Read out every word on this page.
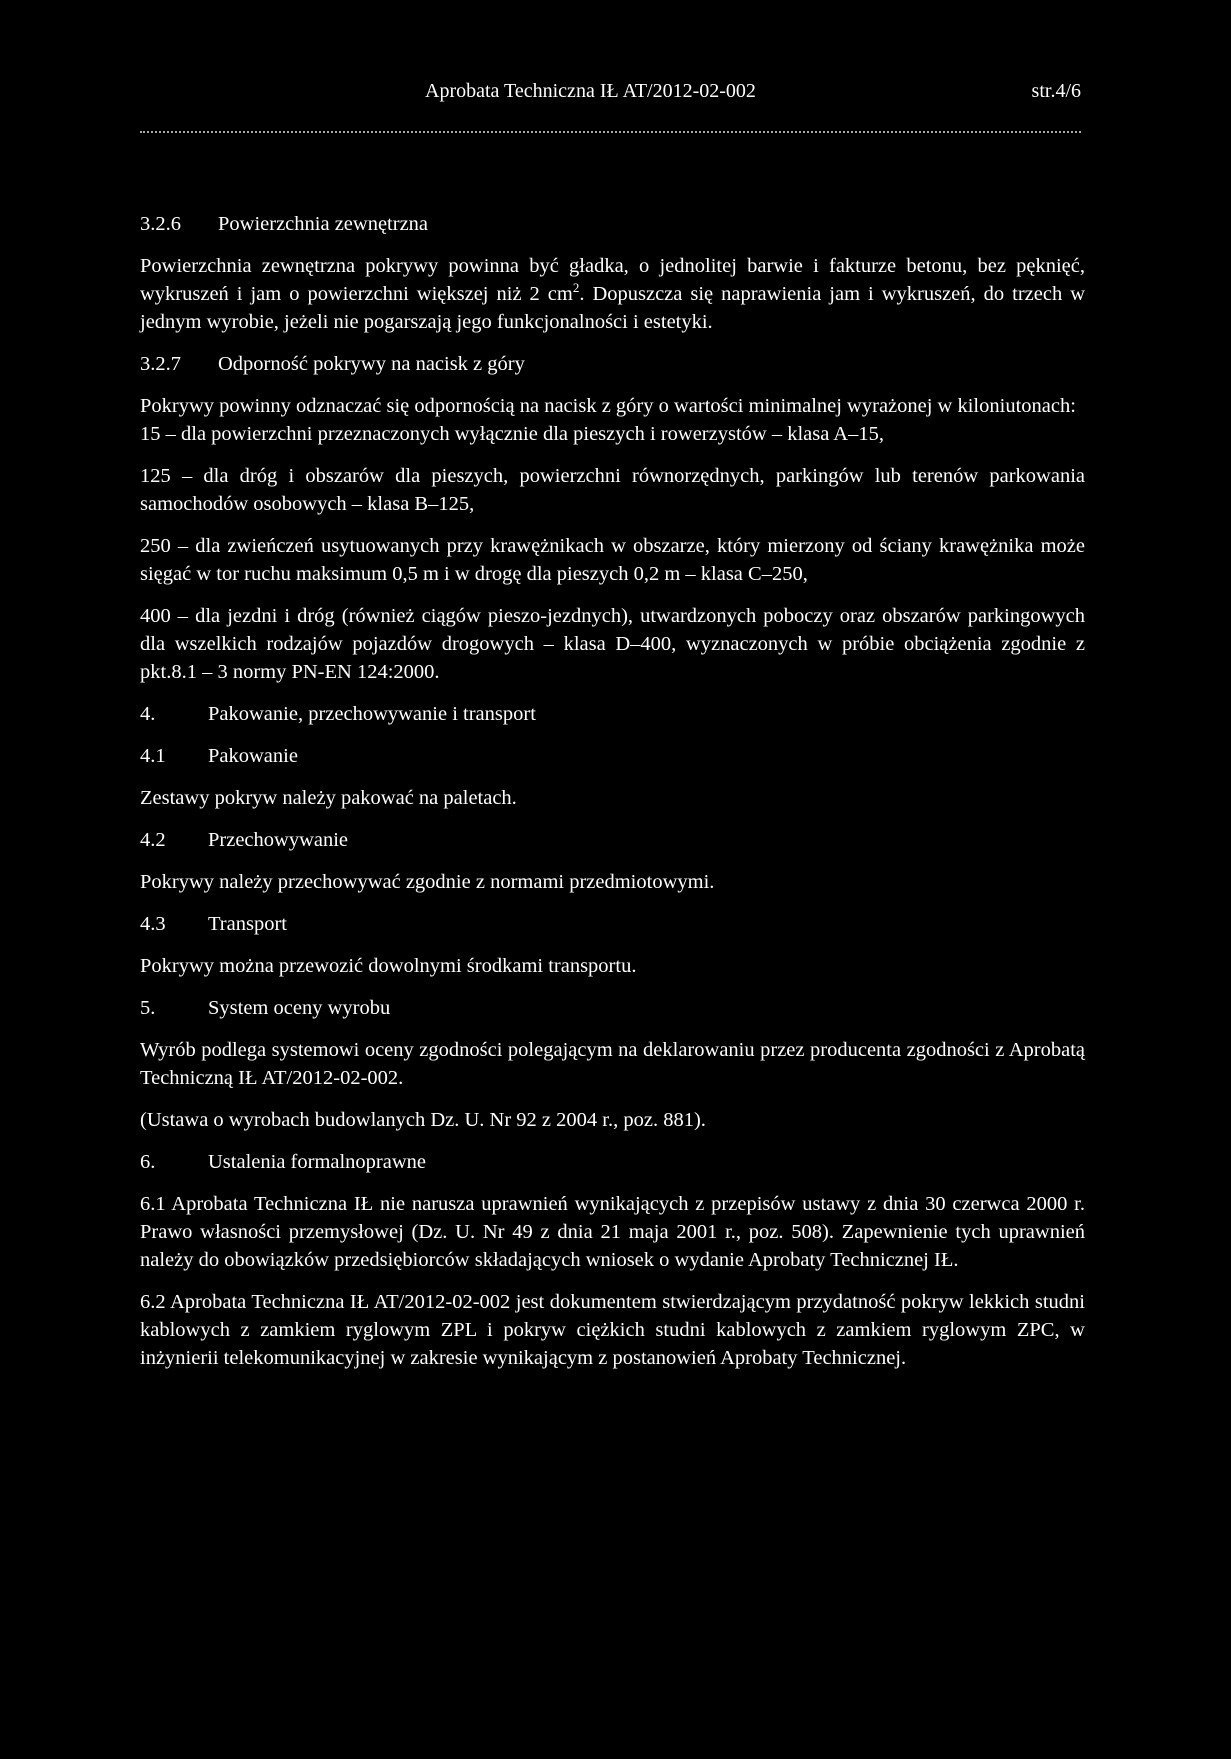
Aprobata Techniczna IŁ AT/2012-02-002	str.4/6
3.2.6 Powierzchnia zewnętrzna

Powierzchnia zewnętrzna pokrywy powinna być gładka, o jednolitej barwie i fakturze betonu, bez pęknięć, wykruszeń i jam o powierzchni większej niż 2 $cm^2$. Dopuszcza się naprawienia jam i wykruszeń, do trzech w jednym wyrobie, jeżeli nie pogarszają jego funkcjonalności i estetyki.

3.2.7 Odporność pokrywy na nacisk z góry

Pokrywy powinny odznaczać się odpornością na nacisk z góry o wartości minimalnej wyrażonej w kiloniutonach:

15 – dla powierzchni przeznaczonych wyłącznie dla pieszych i rowerzystów – klasa A–15,

125 – dla dróg i obszarów dla pieszych, powierzchni równorzędnych, parkingów lub terenów parkowania samochodów osobowych – klasa B–125,

250 – dla zwieńczeń usytuowanych przy krawężnikach w obszarze, który mierzony od ściany krawężnika może sięgać w tor ruchu maksimum 0,5 m i w drogę dla pieszych 0,2 m – klasa C–250,

400 – dla jezdni i dróg (również ciągów pieszo-jezdnych), utwardzonych poboczy oraz obszarów parkingowych dla wszelkich rodzajów pojazdów drogowych – klasa D–400, wyznaczonych w próbie obciążenia zgodnie z pkt.8.1 – 3 normy PN-EN 124:2000.

4.	Pakowanie, przechowywanie i transport
4.1 Pakowanie

Zestawy pokryw należy pakować na paletach.

4.2 Przechowywanie

Pokrywy należy przechowywać zgodnie z normami przedmiotowymi.

4.3 Transport

Pokrywy można przewozić dowolnymi środkami transportu.

5.	System oceny wyrobu

Wyrób podlega systemowi oceny zgodności polegającym na deklarowaniu przez producenta zgodności z Aprobatą Techniczną IŁ AT/2012-02-002.

(Ustawa o wyrobach budowlanych Dz. U. Nr 92 z 2004 r., poz. 881).

6.	Ustalenia formalnoprawne

6.1 Aprobata Techniczna IŁ nie narusza uprawnień wynikających z przepisów ustawy z dnia 30 czerwca 2000 r. Prawo własności przemysłowej (Dz. U. Nr 49 z dnia 21 maja 2001 r., poz. 508). Zapewnienie tych uprawnień należy do obowiązków przedsiębiorców składających wniosek o wydanie Aprobaty Technicznej IŁ.

6.2 Aprobata Techniczna IŁ AT/2012-02-002 jest dokumentem stwierdzającym przydatność pokryw lekkich studni kablowych z zamkiem ryglowym ZPL i pokryw ciężkich studni kablowych z zamkiem ryglowym ZPC, w inżynierii telekomunikacyjnej w zakresie wynikającym z postanowień Aprobaty Technicznej.
